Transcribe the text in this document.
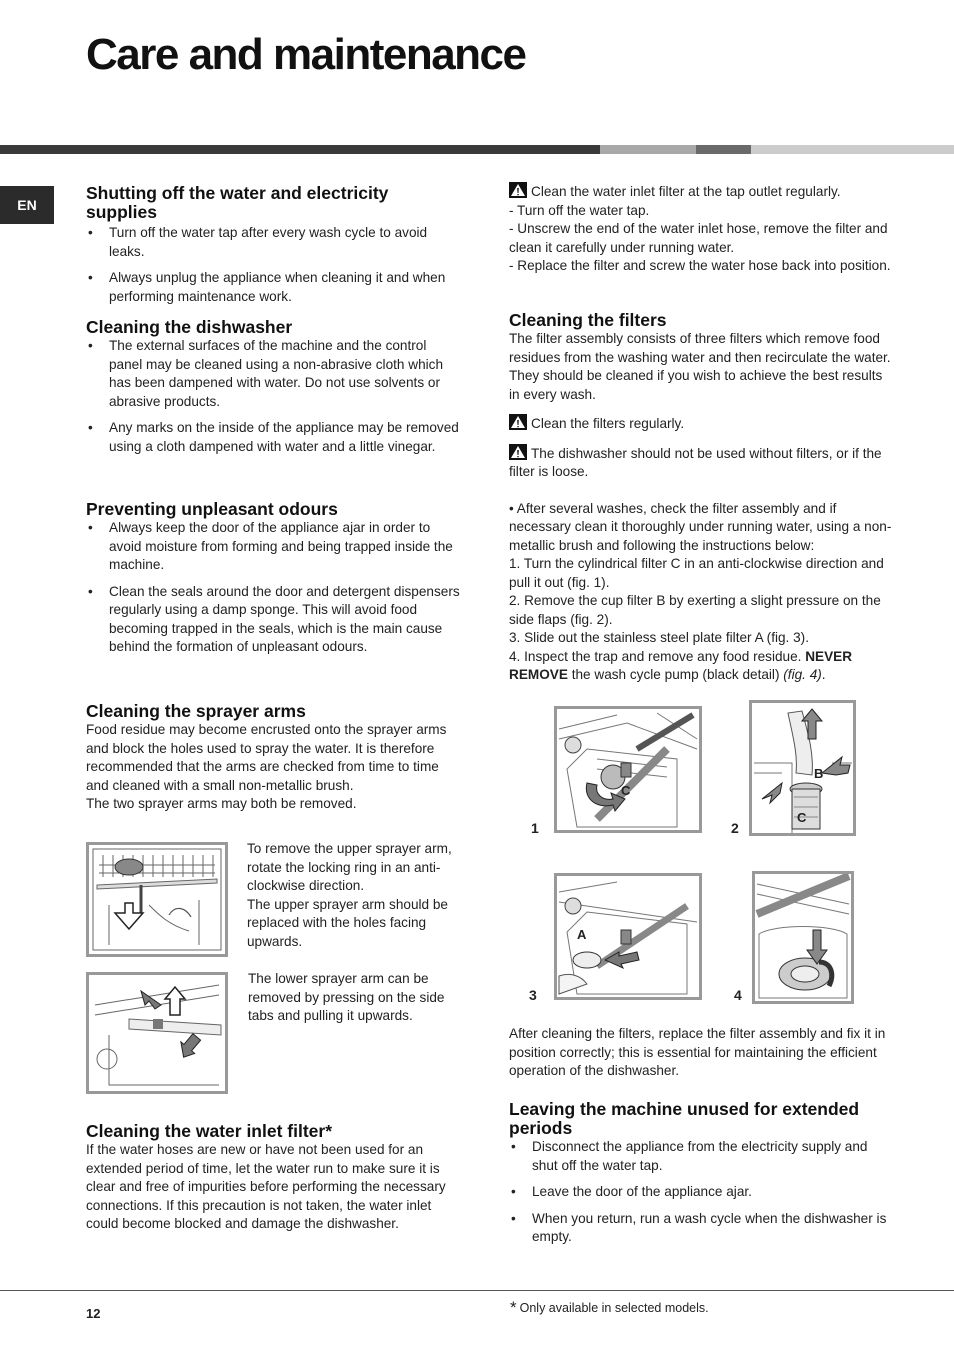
Care and maintenance
EN
Shutting off the water and electricity supplies
• Turn off the water tap after every wash cycle to avoid leaks.
• Always unplug the appliance when cleaning it and when performing maintenance work.
Cleaning the dishwasher
• The external surfaces of the machine and the control panel may be cleaned using a non-abrasive cloth which has been dampened with water. Do not use solvents or abrasive products.
• Any marks on the inside of the appliance may be removed using a cloth dampened with water and a little vinegar.
Preventing unpleasant odours
• Always keep the door of the appliance ajar in order to avoid moisture from forming and being trapped inside the machine.
• Clean the seals around the door and detergent dispensers regularly using a damp sponge. This will avoid food becoming trapped in the seals, which is the main cause behind the formation of unpleasant odours.
Cleaning the sprayer arms

Food residue may become encrusted onto the sprayer arms and block the holes used to spray the water. It is therefore recommended that the arms are checked from time to time and cleaned with a small non-metallic brush.

The two sprayer arms may both be removed.

To remove the upper sprayer arm, rotate the locking ring in an anti-clockwise direction.

The upper sprayer arm should be replaced with the holes facing upwards.

The lower sprayer arm can be removed by pressing on the side tabs and pulling it upwards.

Cleaning the water inlet filter*

If the water hoses are new or have not been used for an extended period of time, let the water run to make sure it is clear and free of impurities before performing the necessary connections. If this precaution is not taken, the water inlet could become blocked and damage the dishwasher.

Clean the water inlet filter at the tap outlet regularly.

- Turn off the water tap.

- Unscrew the end of the water inlet hose, remove the filter and clean it carefully under running water.

- Replace the filter and screw the water hose back into position.

Cleaning the filters

The filter assembly consists of three filters which remove food residues from the washing water and then recirculate the water. They should be cleaned if you wish to achieve the best results in every wash.

Clean the filters regularly.

The dishwasher should not be used without filters, or if the filter is loose.

• After several washes, check the filter assembly and if necessary clean it thoroughly under running water, using a non-metallic brush and following the instructions below:

1. Turn the cylindrical filter C in an anti-clockwise direction and pull it out (fig. 1).

2. Remove the cup filter B by exerting a slight pressure on the side flaps (fig. 2).

3. Slide out the stainless steel plate filter A (fig. 3).

4. Inspect the trap and remove any food residue. NEVER REMOVE the wash cycle pump (black detail) (fig. 4).

C
1
B
C
2
A
3	4

After cleaning the filters, replace the filter assembly and fix it in position correctly; this is essential for maintaining the efficient operation of the dishwasher.

Leaving the machine unused for extended periods
• Disconnect the appliance from the electricity supply and shut off the water tap.
• Leave the door of the appliance ajar.
• When you return, run a wash cycle when the dishwasher is empty.
12	* Only available in selected models.
